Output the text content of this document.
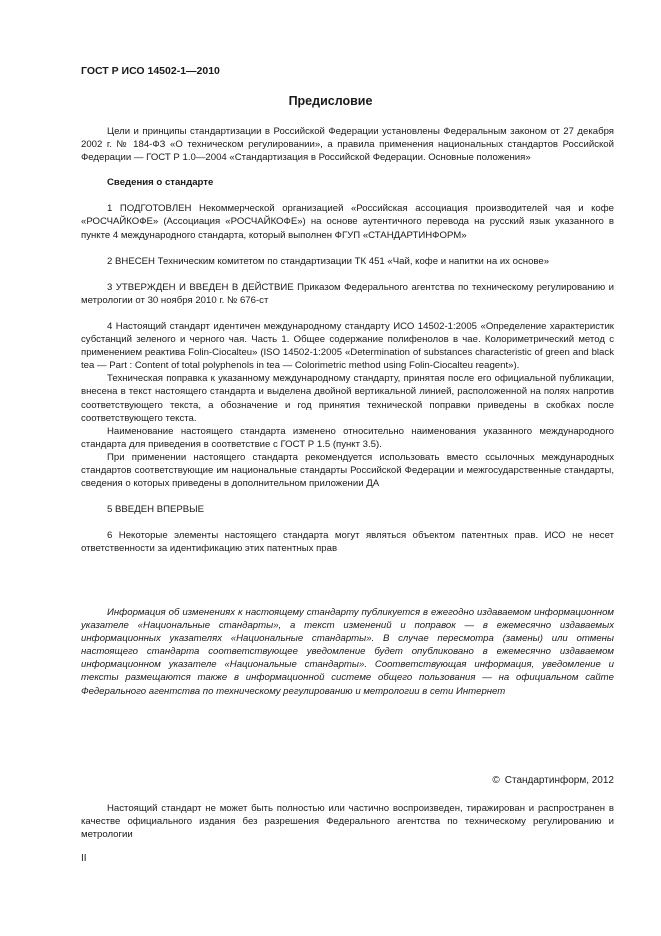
ГОСТ Р ИСО 14502-1—2010
Предисловие

Цели и принципы стандартизации в Российской Федерации установлены Федеральным законом от 27 декабря 2002 г. № 184-ФЗ «О техническом регулировании», а правила применения национальных стандартов Российской Федерации — ГОСТ Р 1.0—2004 «Стандартизация в Российской Федерации. Основные положения»

Сведения о стандарте

1 ПОДГОТОВЛЕН Некоммерческой организацией «Российская ассоциация производителей чая и кофе «РОСЧАЙКОФЕ» (Ассоциация «РОСЧАЙКОФЕ») на основе аутентичного перевода на русский язык указанного в пункте 4 международного стандарта, который выполнен ФГУП «СТАНДАРТИНФОРМ»

2 ВНЕСЕН Техническим комитетом по стандартизации ТК 451 «Чай, кофе и напитки на их основе»

3 УТВЕРЖДЕН И ВВЕДЕН В ДЕЙСТВИЕ Приказом Федерального агентства по техническому регулированию и метрологии от 30 ноября 2010 г. № 676-ст

4 Настоящий стандарт идентичен международному стандарту ИСО 14502-1:2005 «Определение характеристик субстанций зеленого и черного чая. Часть 1. Общее содержание полифенолов в чае. Колориметрический метод с применением реактива Folin-Ciocalteu» (ISO 14502-1:2005 «Determination of substances characteristic of green and black tea — Part : Content of total polyphenols in tea — Colorimetric method using Folin-Ciocalteu reagent»).

Техническая поправка к указанному международному стандарту, принятая после его официальной публикации, внесена в текст настоящего стандарта и выделена двойной вертикальной линией, расположенной на полях напротив соответствующего текста, а обозначение и год принятия технической поправки приведены в скобках после соответствующего текста.

Наименование настоящего стандарта изменено относительно наименования указанного международного стандарта для приведения в соответствие с ГОСТ Р 1.5 (пункт 3.5).

При применении настоящего стандарта рекомендуется использовать вместо ссылочных международных стандартов соответствующие им национальные стандарты Российской Федерации и межгосударственные стандарты, сведения о которых приведены в дополнительном приложении ДА

5 ВВЕДЕН ВПЕРВЫЕ

6 Некоторые элементы настоящего стандарта могут являться объектом патентных прав. ИСО не несет ответственности за идентификацию этих патентных прав

Информация об изменениях к настоящему стандарту публикуется в ежегодно издаваемом информационном указателе «Национальные стандарты», а текст изменений и поправок — в ежемесячно издаваемых информационных указателях «Национальные стандарты». В случае пересмотра (замены) или отмены настоящего стандарта соответствующее уведомление будет опубликовано в ежемесячно издаваемом информационном указателе «Национальные стандарты». Соответствующая информация, уведомление и тексты размещаются также в информационной системе общего пользования — на официальном сайте Федерального агентства по техническому регулированию и метрологии в сети Интернет

© Стандартинформ, 2012

Настоящий стандарт не может быть полностью или частично воспроизведен, тиражирован и распространен в качестве официального издания без разрешения Федерального агентства по техническому регулированию и метрологии

II
